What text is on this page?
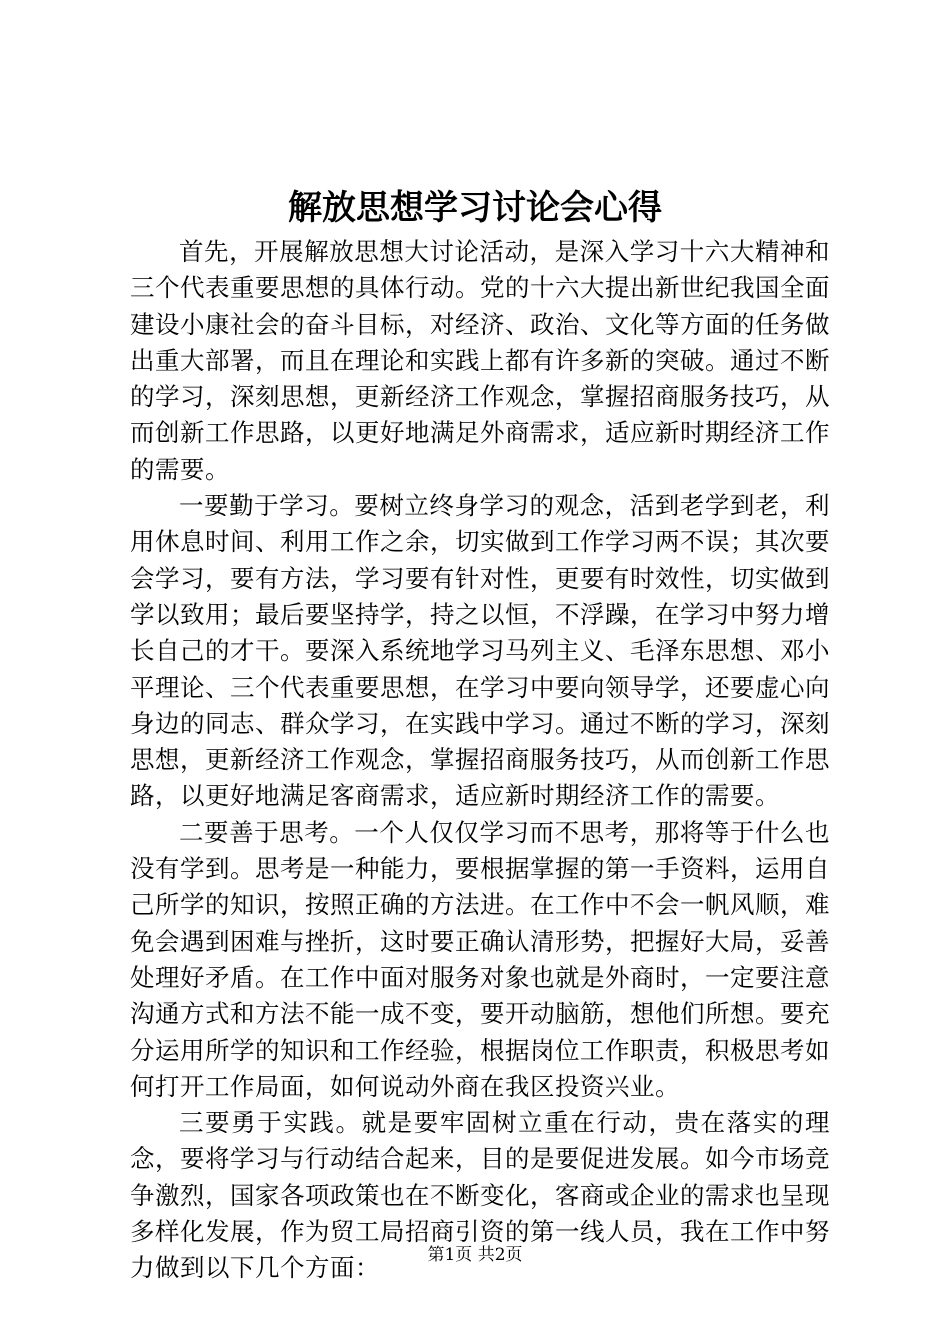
解放思想学习讨论会心得

首先，开展解放思想大讨论活动，是深入学习十六大精神和三个代表重要思想的具体行动。党的十六大提出新世纪我国全面建设小康社会的奋斗目标，对经济、政治、文化等方面的任务做出重大部署，而且在理论和实践上都有许多新的突破。通过不断的学习，深刻思想，更新经济工作观念，掌握招商服务技巧，从而创新工作思路，以更好地满足外商需求，适应新时期经济工作的需要。

一要勤于学习。要树立终身学习的观念，活到老学到老，利用休息时间、利用工作之余，切实做到工作学习两不误；其次要会学习，要有方法，学习要有针对性，更要有时效性，切实做到学以致用；最后要坚持学，持之以恒，不浮躁，在学习中努力增长自己的才干。要深入系统地学习马列主义、毛泽东思想、邓小平理论、三个代表重要思想，在学习中要向领导学，还要虚心向身边的同志、群众学习，在实践中学习。通过不断的学习，深刻思想，更新经济工作观念，掌握招商服务技巧，从而创新工作思路，以更好地满足客商需求，适应新时期经济工作的需要。

二要善于思考。一个人仅仅学习而不思考，那将等于什么也没有学到。思考是一种能力，要根据掌握的第一手资料，运用自己所学的知识，按照正确的方法进。在工作中不会一帆风顺，难免会遇到困难与挫折，这时要正确认清形势，把握好大局，妥善处理好矛盾。在工作中面对服务对象也就是外商时，一定要注意沟通方式和方法不能一成不变，要开动脑筋，想他们所想。要充分运用所学的知识和工作经验，根据岗位工作职责，积极思考如何打开工作局面，如何说动外商在我区投资兴业。

三要勇于实践。就是要牢固树立重在行动，贵在落实的理念，要将学习与行动结合起来，目的是要促进发展。如今市场竞争激烈，国家各项政策也在不断变化，客商或企业的需求也呈现多样化发展，作为贸工局招商引资的第一线人员，我在工作中努力做到以下几个方面：	第1页 共2页
